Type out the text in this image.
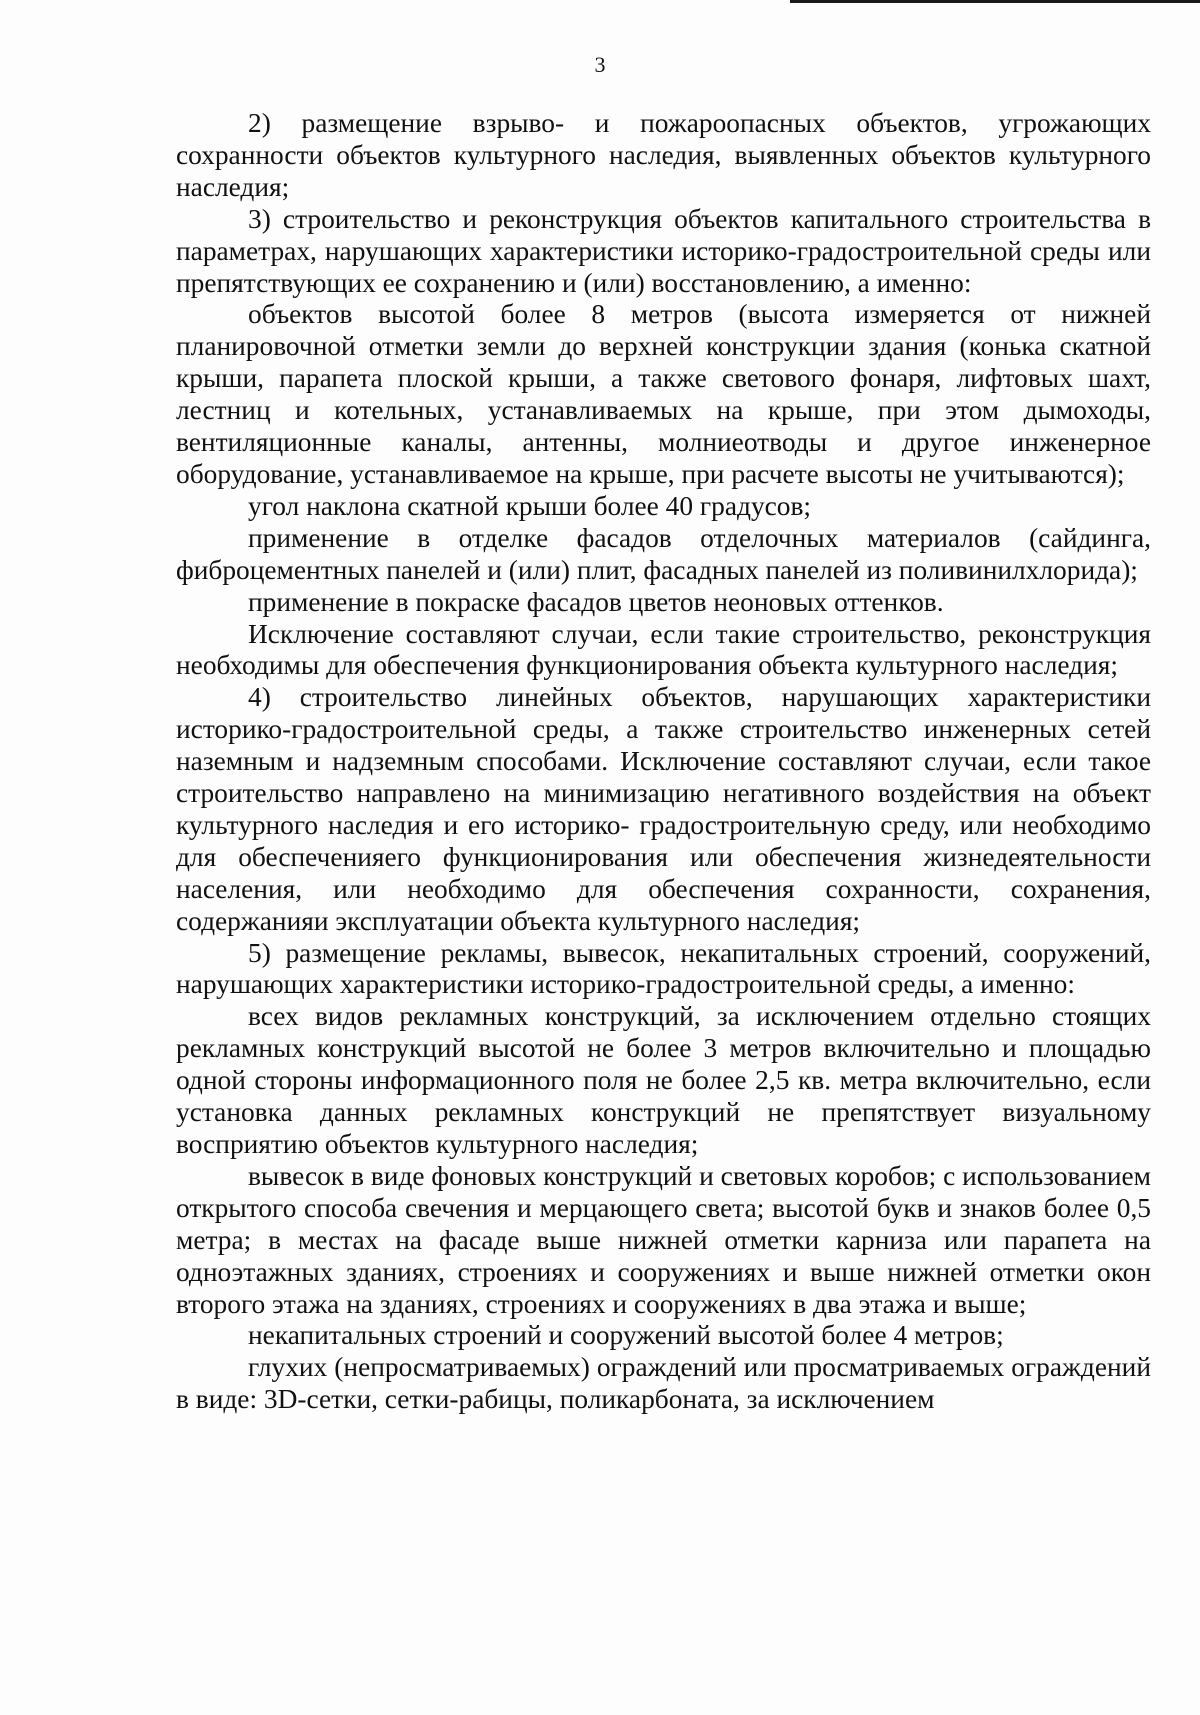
3

2) размещение взрыво- и пожароопасных объектов, угрожающих сохранности объектов культурного наследия, выявленных объектов культурного наследия;

3) строительство и реконструкция объектов капитального строительства в параметрах, нарушающих характеристики историко-градостроительной среды или препятствующих ее сохранению и (или) восстановлению, а именно:

объектов высотой более 8 метров (высота измеряется от нижней планировочной отметки земли до верхней конструкции здания (конька скатной крыши, парапета плоской крыши, а также светового фонаря, лифтовых шахт, лестниц и котельных, устанавливаемых на крыше, при этом дымоходы, вентиляционные каналы, антенны, молниеотводы и другое инженерное оборудование, устанавливаемое на крыше, при расчете высоты не учитываются);

угол наклона скатной крыши более 40 градусов;

применение в отделке фасадов отделочных материалов (сайдинга, фиброцементных панелей и (или) плит, фасадных панелей из поливинилхлорида);

применение в покраске фасадов цветов неоновых оттенков.

Исключение составляют случаи, если такие строительство, реконструкция необходимы для обеспечения функционирования объекта культурного наследия;

4) строительство линейных объектов, нарушающих характеристики историко-градостроительной среды, а также строительство инженерных сетей наземным и надземным способами. Исключение составляют случаи, если такое строительство направлено на минимизацию негативного воздействия на объект культурного наследия и его историко- градостроительную среду, или необходимо для обеспеченияего функционирования или обеспечения жизнедеятельности населения, или необходимо для обеспечения сохранности, сохранения, содержанияи эксплуатации объекта культурного наследия;

5) размещение рекламы, вывесок, некапитальных строений, сооружений, нарушающих характеристики историко-градостроительной среды, а именно:

всех видов рекламных конструкций, за исключением отдельно стоящих рекламных конструкций высотой не более 3 метров включительно и площадью одной стороны информационного поля не более 2,5 кв. метра включительно, если установка данных рекламных конструкций не препятствует визуальному восприятию объектов культурного наследия;

вывесок в виде фоновых конструкций и световых коробов; с использованием открытого способа свечения и мерцающего света; высотой букв и знаков более 0,5 метра; в местах на фасаде выше нижней отметки карниза или парапета на одноэтажных зданиях, строениях и сооружениях и выше нижней отметки окон второго этажа на зданиях, строениях и сооружениях в два этажа и выше;

некапитальных строений и сооружений высотой более 4 метров;

глухих (непросматриваемых) ограждений или просматриваемых ограждений в виде: 3D-сетки, сетки-рабицы, поликарбоната, за исключением
